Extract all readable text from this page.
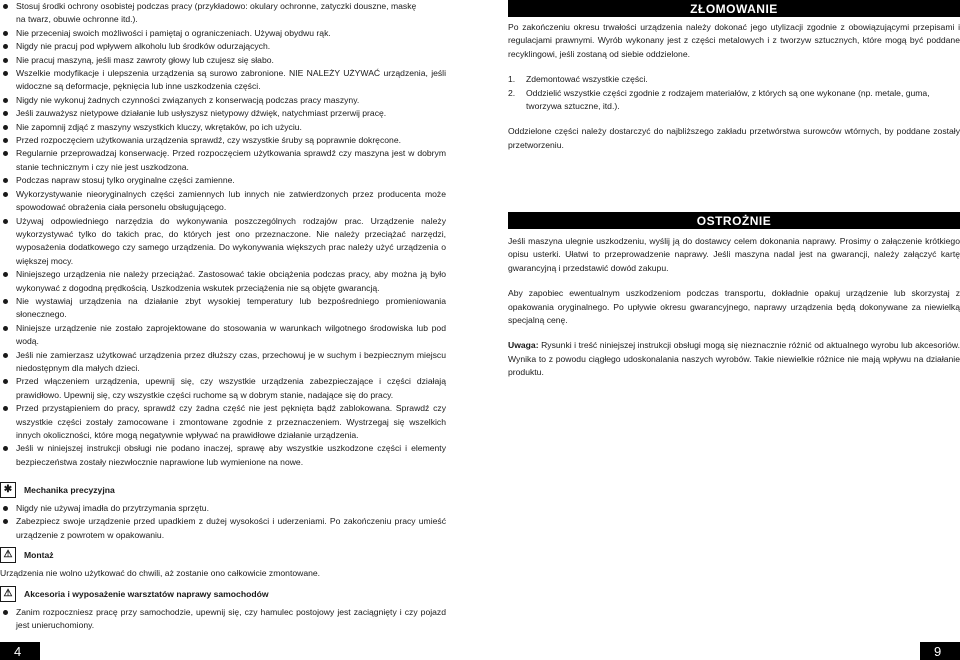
Stosuj środki ochrony osobistej podczas pracy (przykładowo: okulary ochronne, zatyczki dousznе, maskę
na twarz, obuwie ochronne itd.).
Nie przeceniaj swoich możliwości i pamiętaj o ograniczeniach. Używaj obydwu rąk.
Nigdy nie pracuj pod wpływem alkoholu lub środków odurzających.
Nie pracuj maszyną, jeśli masz zawroty głowy lub czujesz się słabo.
Wszelkie modyfikacje i ulepszenia urządzenia są surowo zabronione. NIE NALEŻY UŻYWAĆ urządzenia, jeśli widoczne są deformacje, pęknięcia lub inne uszkodzenia części.
Nigdy nie wykonuj żadnych czynności związanych z konserwacją podczas pracy maszyny.
Jeśli zauważysz nietypowe działanie lub usłyszysz nietypowy dźwięk, natychmiast przerwij pracę.
Nie zapomnij zdjąć z maszyny wszystkich kluczy, wkrętaków, po ich użyciu.
Przed rozpoczęciem użytkowania urządzenia sprawdź, czy wszystkie śruby są poprawnie dokręcone.
Regularnie przeprowadzaj konserwację. Przed rozpoczęciem użytkowania sprawdź czy maszyna jest w dobrym stanie technicznym i czy nie jest uszkodzona.
Podczas napraw stosuj tylko oryginalne części zamienne.
Wykorzystywanie nieoryginalnych części zamiennych lub innych nie zatwierdzonych przez producenta może spowodować obrażenia ciała personelu obsługującego.
Używaj odpowiedniego narzędzia do wykonywania poszczególnych rodzajów prac. Urządzenie należy wykorzystywać tylko do takich prac, do których jest ono przeznaczone. Nie należy przeciążać narzędzi, wyposażenia dodatkowego czy samego urządzenia. Do wykonywania większych prac należy użyć urządzenia o większej mocy.
Niniejszego urządzenia nie należy przeciążać. Zastosować takie obciążenia podczas pracy, aby można ją było wykonywać z dogodną prędkością. Uszkodzenia wskutek przeciążenia nie są objęte gwarancją.
Nie wystawiaj urządzenia na działanie zbyt wysokiej temperatury lub bezpośredniego promieniowania słonecznego.
Niniejsze urządzenie nie zostało zaprojektowane do stosowania w warunkach wilgotnego środowiska lub pod wodą.
Jeśli nie zamierzasz użytkować urządzenia przez dłuższy czas, przechowuj je w suchym i bezpiecznym miejscu niedostępnym dla małych dzieci.
Przed włączeniem urządzenia, upewnij się, czy wszystkie urządzenia zabezpieczające i części działają prawidłowo. Upewnij się, czy wszystkie części ruchome są w dobrym stanie, nadające się do pracy.
Przed przystąpieniem do pracy, sprawdź czy żadna część nie jest pęknięta bądź zablokowana. Sprawdź czy wszystkie części zostały zamocowane i zmontowane zgodnie z przeznaczeniem. Wystrzegaj się wszelkich innych okoliczności, które mogą negatywnie wpływać na prawidłowe działanie urządzenia.
Jeśli w niniejszej instrukcji obsługi nie podano inaczej, sprawę aby wszystkie uszkodzone części i elementy bezpieczeństwa zostały niezwłocznie naprawione lub wymienione na nowe.
✱	Mechanika precyzyjna
Nigdy nie używaj imadła do przytrzymania sprzętu.
Zabezpiecz swoje urządzenie przed upadkiem z dużej wysokości i uderzeniami. Po zakończeniu pracy umieść urządzenie z powrotem w opakowaniu.
⚠	Montaż
Urządzenia nie wolno użytkować do chwili, aż zostanie ono całkowicie zmontowane.
⚠	Akcesoria i wyposażenie warsztatów naprawy samochodów
Zanim rozpoczniesz pracę przy samochodzie, upewnij się, czy hamulec postojowy jest zaciągnięty i czy pojazd jest unieruchomiony.
ZŁOMOWANIE

Po zakończeniu okresu trwałości urządzenia należy dokonać jego utylizacji zgodnie z obowiązującymi przepisami i regulacjami prawnymi. Wyrób wykonany jest z części metalowych i z tworzyw sztucznych, które mogą być poddane recyklingowi, jeśli zostaną od siebie oddzielone.

1. Zdemontować wszystkie części.
2. Oddzielić wszystkie części zgodnie z rodzajem materiałów, z których są one wykonane (np. metale, guma, tworzywa sztuczne, itd.).

Oddzielone części należy dostarczyć do najbliższego zakładu przetwórstwa surowców wtórnych, by poddane zostały przetworzeniu.

OSTROŻNIE

Jeśli maszyna ulegnie uszkodzeniu, wyślij ją do dostawcy celem dokonania naprawy. Prosimy o załączenie krótkiego opisu usterki. Ułatwi to przeprowadzenie naprawy. Jeśli maszyna nadal jest na gwarancji, należy załączyć kartę gwarancyjną i przedstawić dowód zakupu.

Aby zapobiec ewentualnym uszkodzeniom podczas transportu, dokładnie opakuj urządzenie lub skorzystaj z opakowania oryginalnego. Po upływie okresu gwarancyjnego, naprawy urządzenia będą dokonywane za niewielką specjalną cenę.

Uwaga: Rysunki i treść niniejszej instrukcji obsługi mogą się nieznacznie różnić od aktualnego wyrobu lub akcesoriów. Wynika to z powodu ciągłego udoskonalania naszych wyrobów. Takie niewielkie różnice nie mają wpływu na działanie produktu.

4	9
